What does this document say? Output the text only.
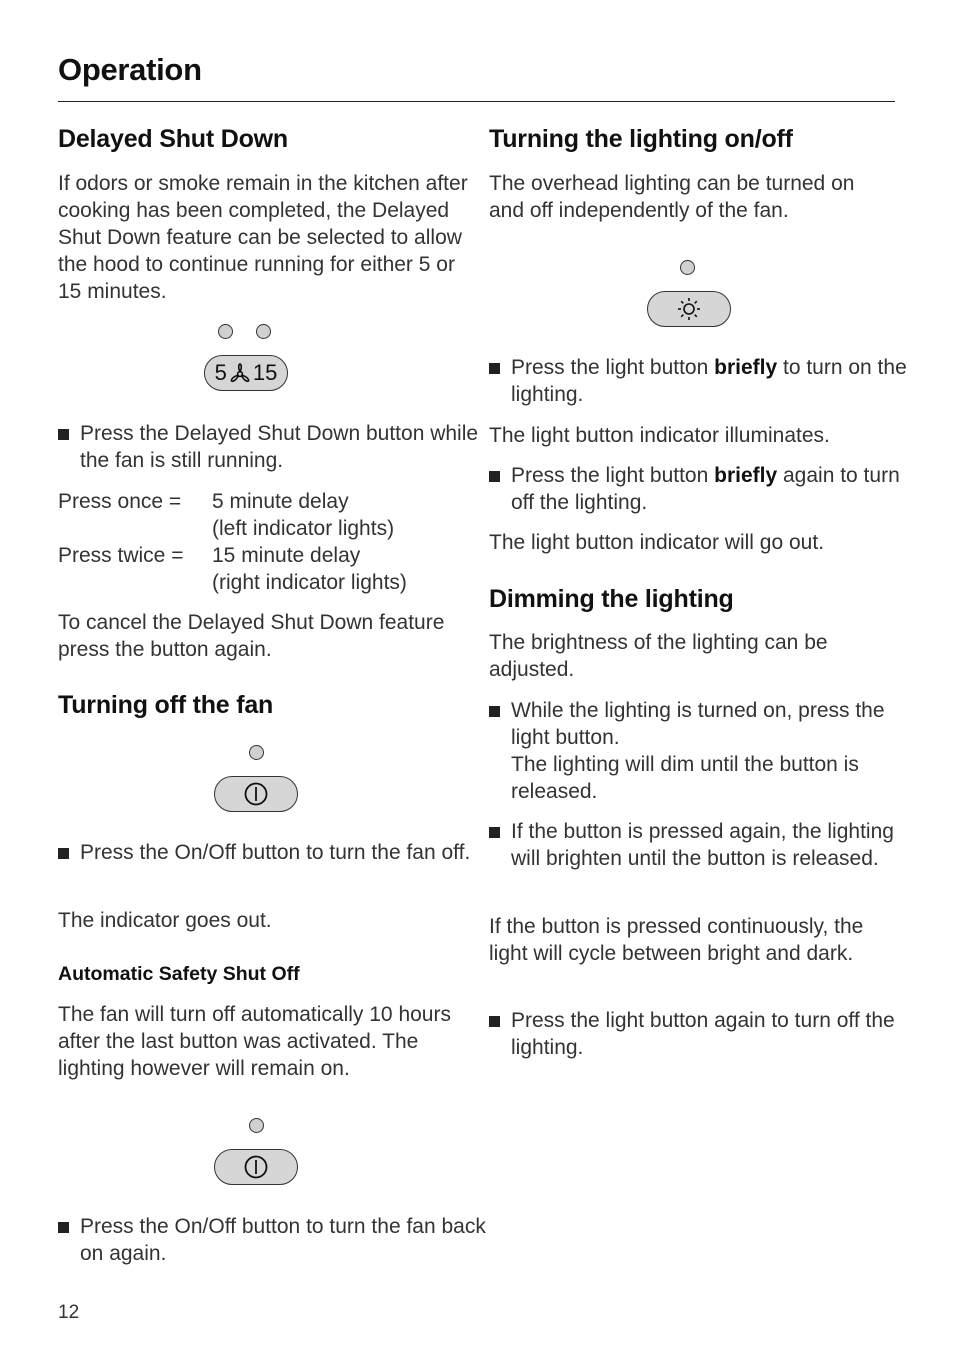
Operation
Delayed Shut Down
If odors or smoke remain in the kitchen after cooking has been completed, the Delayed Shut Down feature can be selected to allow the hood to continue running for either 5 or 15 minutes.
5 15
Press the Delayed Shut Down button while the fan is still running.
Press once = 5 minute delay
(left indicator lights)
Press twice = 15 minute delay
(right indicator lights)
To cancel the Delayed Shut Down feature press the button again.
Turning off the fan
Press the On/Off button to turn the fan off.
The indicator goes out.
Automatic Safety Shut Off
The fan will turn off automatically 10 hours after the last button was activated. The lighting however will remain on.
Press the On/Off button to turn the fan back on again.
Turning the lighting on/off
The overhead lighting can be turned on and off independently of the fan.
Press the light button briefly to turn on the lighting.
The light button indicator illuminates.
Press the light button briefly again to turn off the lighting.
The light button indicator will go out.
Dimming the lighting
The brightness of the lighting can be adjusted.
While the lighting is turned on, press the light button.
The lighting will dim until the button is released.
If the button is pressed again, the lighting will brighten until the button is released.
If the button is pressed continuously, the light will cycle between bright and dark.
Press the light button again to turn off the lighting.
12
